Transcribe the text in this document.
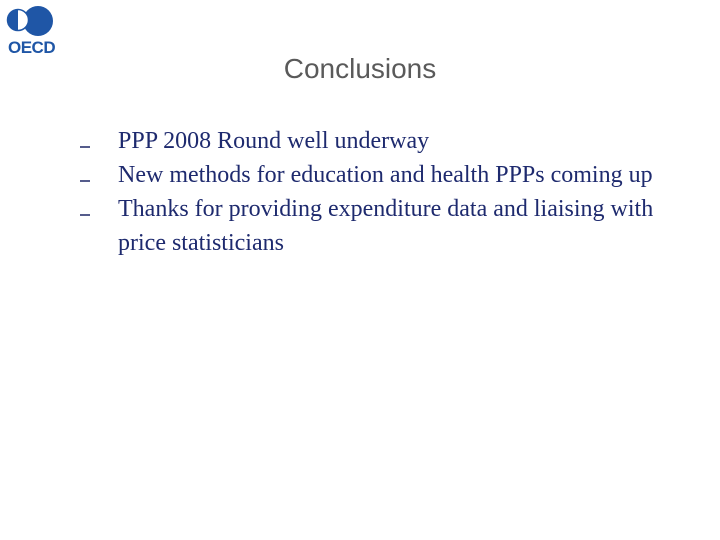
OECD
Conclusions
PPP 2008 Round well underway
New methods for education and health PPPs coming up
Thanks for providing expenditure data and liaising with price statisticians
